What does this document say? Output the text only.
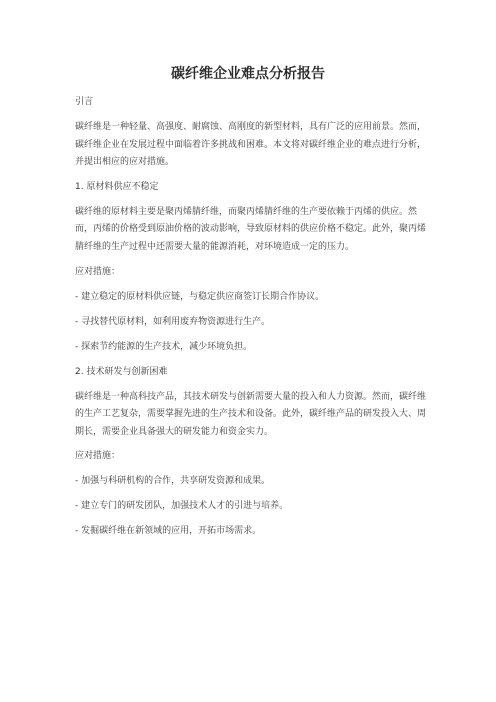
碳纤维企业难点分析报告
引言
碳纤维是一种轻量、高强度、耐腐蚀、高刚度的新型材料，具有广泛的应用前景。然而，碳纤维企业在发展过程中面临着许多挑战和困难。本文将对碳纤维企业的难点进行分析，并提出相应的应对措施。
1. 原材料供应不稳定
碳纤维的原材料主要是聚丙烯腈纤维，而聚丙烯腈纤维的生产要依赖于丙烯的供应。然而，丙烯的价格受到原油价格的波动影响，导致原材料的供应价格不稳定。此外，聚丙烯腈纤维的生产过程中还需要大量的能源消耗，对环境造成一定的压力。
应对措施：
- 建立稳定的原材料供应链，与稳定供应商签订长期合作协议。
- 寻找替代原材料，如利用废弃物资源进行生产。
- 探索节约能源的生产技术，减少环境负担。
2. 技术研发与创新困难
碳纤维是一种高科技产品，其技术研发与创新需要大量的投入和人力资源。然而，碳纤维的生产工艺复杂，需要掌握先进的生产技术和设备。此外，碳纤维产品的研发投入大、周期长，需要企业具备强大的研发能力和资金实力。
应对措施：
- 加强与科研机构的合作，共享研发资源和成果。
- 建立专门的研发团队，加强技术人才的引进与培养。
- 发掘碳纤维在新领域的应用，开拓市场需求。
